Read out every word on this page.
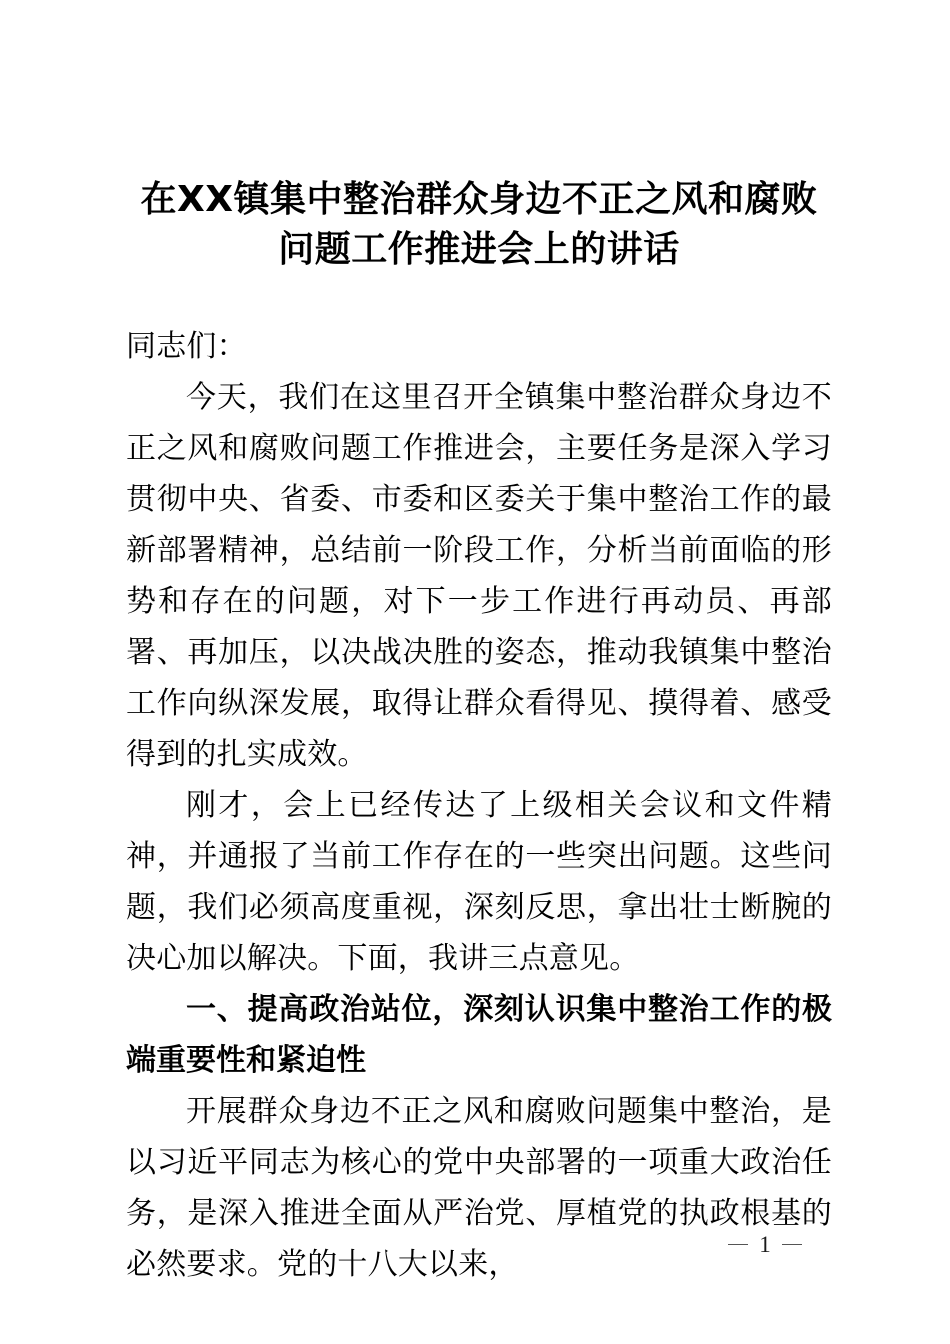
在XX镇集中整治群众身边不正之风和腐败问题工作推进会上的讲话

同志们：

今天，我们在这里召开全镇集中整治群众身边不正之风和腐败问题工作推进会，主要任务是深入学习贯彻中央、省委、市委和区委关于集中整治工作的最新部署精神，总结前一阶段工作，分析当前面临的形势和存在的问题，对下一步工作进行再动员、再部署、再加压，以决战决胜的姿态，推动我镇集中整治工作向纵深发展，取得让群众看得见、摸得着、感受得到的扎实成效。

刚才，会上已经传达了上级相关会议和文件精神，并通报了当前工作存在的一些突出问题。这些问题，我们必须高度重视，深刻反思，拿出壮士断腕的决心加以解决。下面，我讲三点意见。

一、提高政治站位，深刻认识集中整治工作的极端重要性和紧迫性

开展群众身边不正之风和腐败问题集中整治，是以习近平同志为核心的党中央部署的一项重大政治任务，是深入推进全面从严治党、厚植党的执政根基的必然要求。党的十八大以来，

1
